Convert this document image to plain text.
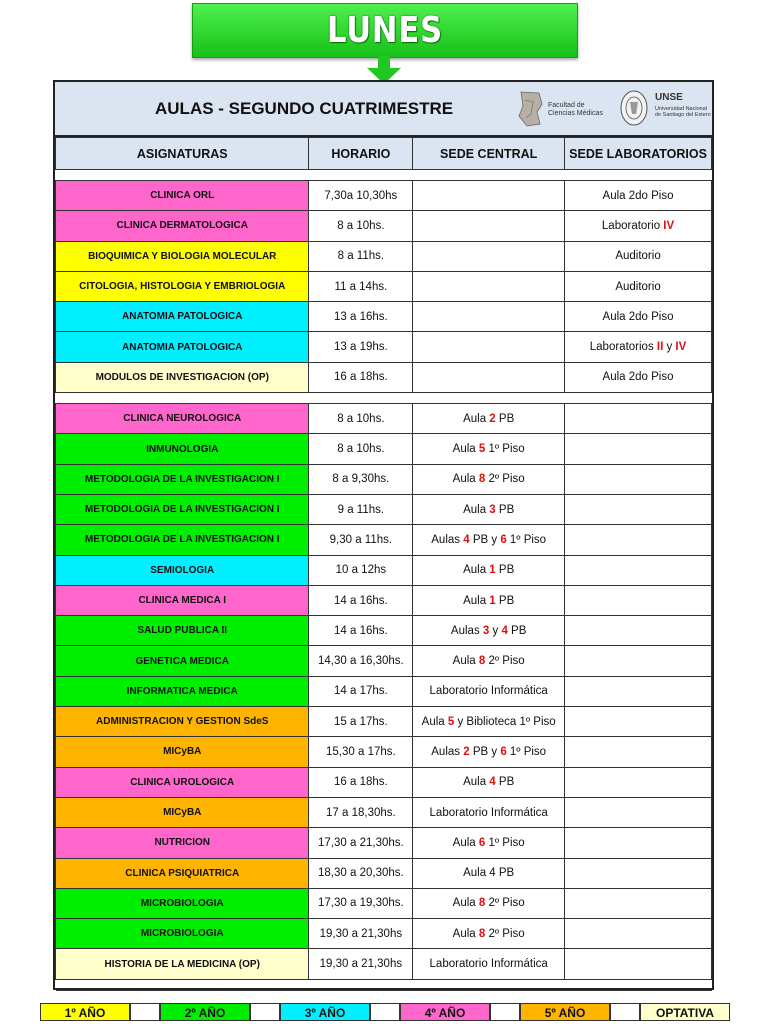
LUNES
AULAS - SEGUNDO CUATRIMESTRE	Facultad de Ciencias Médicas
UNSE
Universidad Nacional de Santiago del Estero
ASIGNATURAS	HORARIO	SEDE CENTRAL	SEDE LABORATORIOS

CLINICA ORL	7,30a 10,30hs		Aula 2do Piso
CLINICA DERMATOLOGICA	8 a 10hs.		Laboratorio IV
BIOQUIMICA Y BIOLOGIA MOLECULAR	8 a 11hs.		Auditorio
CITOLOGIA, HISTOLOGIA Y EMBRIOLOGIA	11 a 14hs.		Auditorio
ANATOMIA PATOLOGICA	13 a 16hs.		Aula 2do Piso
ANATOMIA PATOLOGICA	13 a 19hs.		Laboratorios II y IV
MODULOS DE INVESTIGACION (OP)	16 a 18hs.		Aula 2do Piso

CLINICA NEUROLOGICA	8 a 10hs.	Aula 2 PB	
INMUNOLOGIA	8 a 10hs.	Aula 5 1º Piso	
METODOLOGIA DE LA INVESTIGACION I	8 a 9,30hs.	Aula 8 2º Piso	
METODOLOGIA DE LA INVESTIGACION I	9 a 11hs.	Aula 3 PB	
METODOLOGIA DE LA INVESTIGACION I	9,30 a 11hs.	Aulas 4 PB y 6 1º Piso	
SEMIOLOGIA	10 a 12hs	Aula 1 PB	
CLINICA MEDICA I	14 a 16hs.	Aula 1 PB	
SALUD PUBLICA II	14 a 16hs.	Aulas 3 y 4 PB	
GENETICA MEDICA	14,30 a 16,30hs.	Aula 8 2º Piso	
INFORMATICA MEDICA	14 a 17hs.	Laboratorio Informática	
ADMINISTRACION Y GESTION SdeS	15 a 17hs.	Aula 5 y Biblioteca 1º Piso	
MICyBA	15,30 a 17hs.	Aulas 2 PB y 6 1º Piso	
CLINICA UROLOGICA	16 a 18hs.	Aula 4 PB	
MICyBA	17 a 18,30hs.	Laboratorio Informática	
NUTRICION	17,30 a 21,30hs.	Aula 6 1º Piso	
CLINICA PSIQUIATRICA	18,30 a 20,30hs.	Aula 4 PB	
MICROBIOLOGIA	17,30 a 19,30hs.	Aula 8 2º Piso	
MICROBIOLOGIA	19,30 a 21,30hs	Aula 8 2º Piso	
HISTORIA DE LA MEDICINA (OP)	19,30 a 21,30hs	Laboratorio Informática	

1º AÑO	2º AÑO	3º AÑO	4º AÑO	5º AÑO	OPTATIVA
